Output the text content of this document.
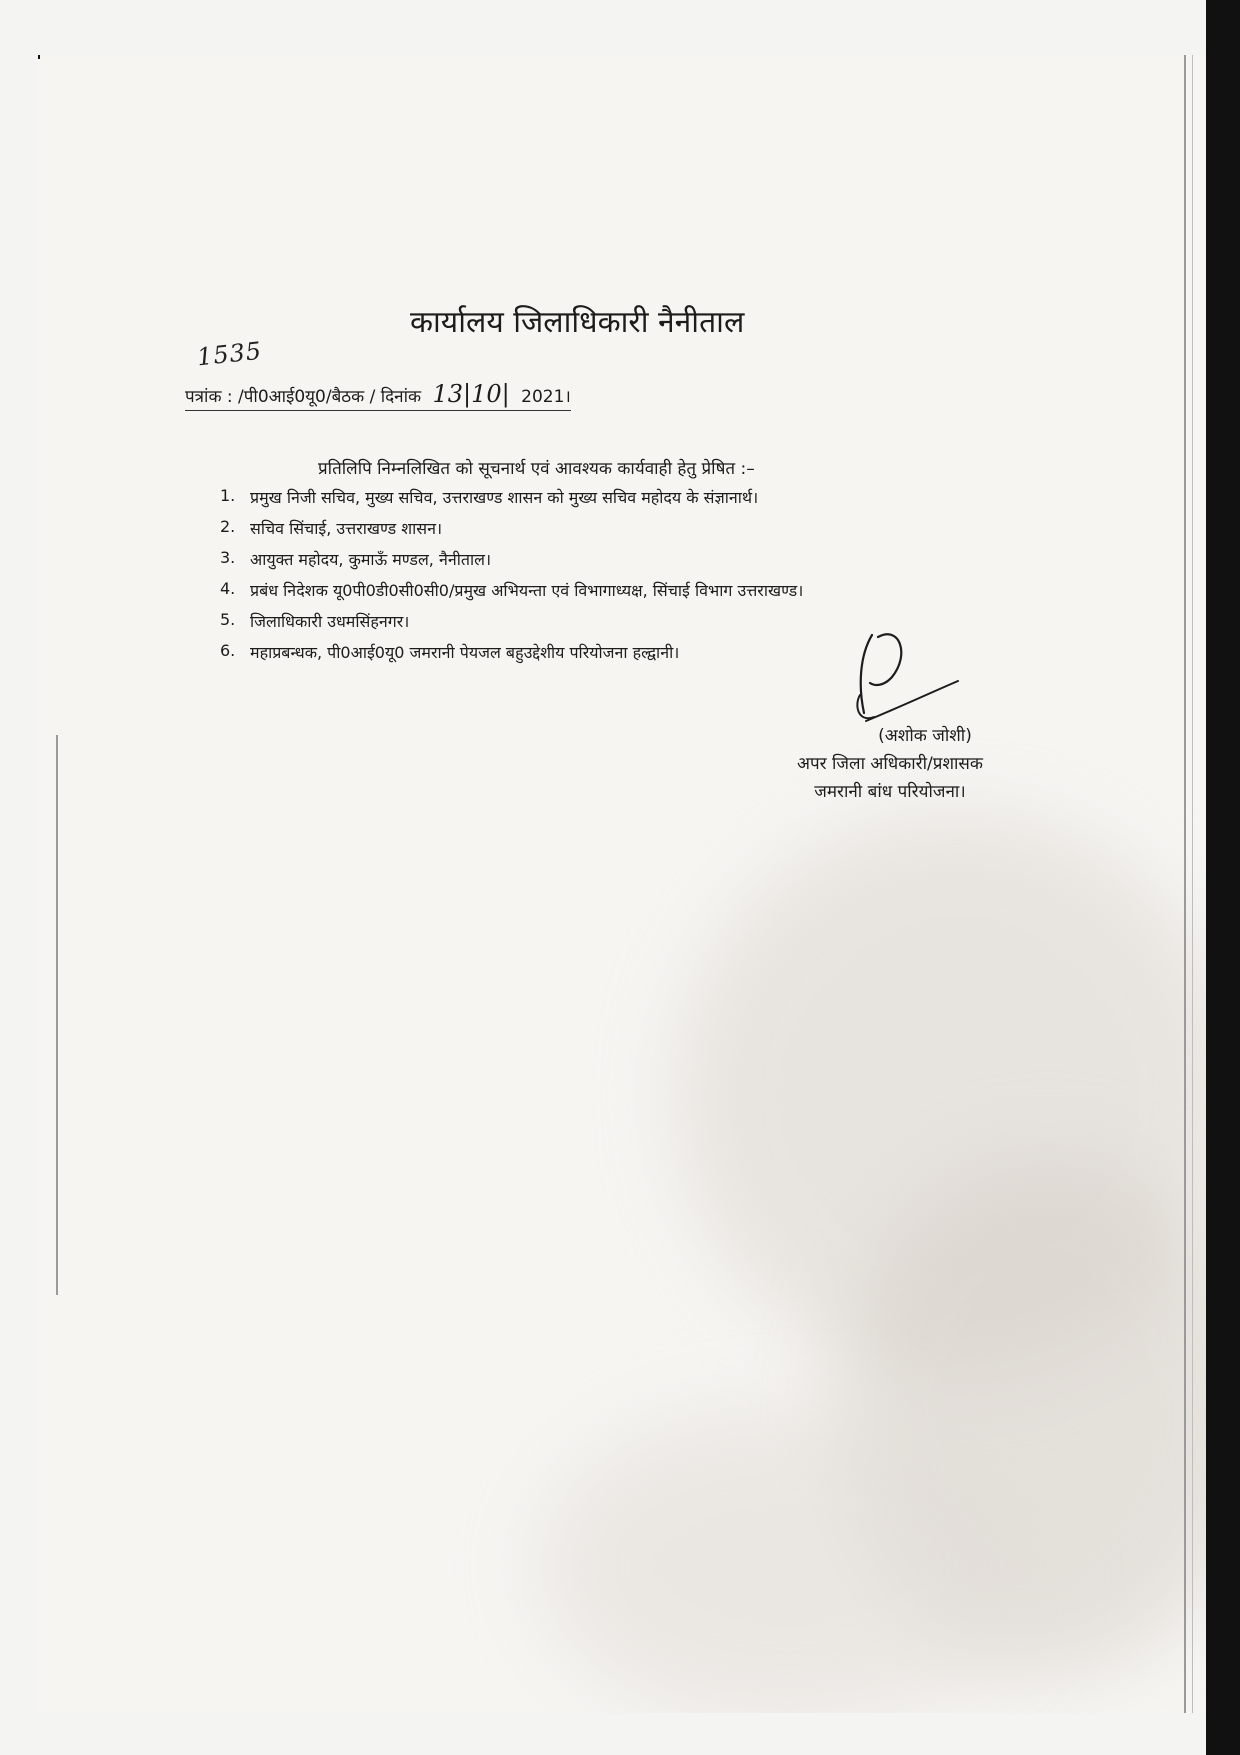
कार्यालय जिलाधिकारी नैनीताल
1535
पत्रांक : /पी0आई0यू0/बैठक / दिनांक 13|10| 2021।
प्रतिलिपि निम्नलिखित को सूचनार्थ एवं आवश्यक कार्यवाही हेतु प्रेषित :–
1. प्रमुख निजी सचिव, मुख्य सचिव, उत्तराखण्ड शासन को मुख्य सचिव महोदय के संज्ञानार्थ।
2. सचिव सिंचाई, उत्तराखण्ड शासन।
3. आयुक्त महोदय, कुमाऊँ मण्डल, नैनीताल।
4. प्रबंध निदेशक यू0पी0डी0सी0सी0/प्रमुख अभियन्ता एवं विभागाध्यक्ष, सिंचाई विभाग उत्तराखण्ड।
5. जिलाधिकारी उधमसिंहनगर।
6. महाप्रबन्धक, पी0आई0यू0 जमरानी पेयजल बहुउद्देशीय परियोजना हल्द्वानी।
(अशोक जोशी)
अपर जिला अधिकारी/प्रशासक
जमरानी बांध परियोजना।
